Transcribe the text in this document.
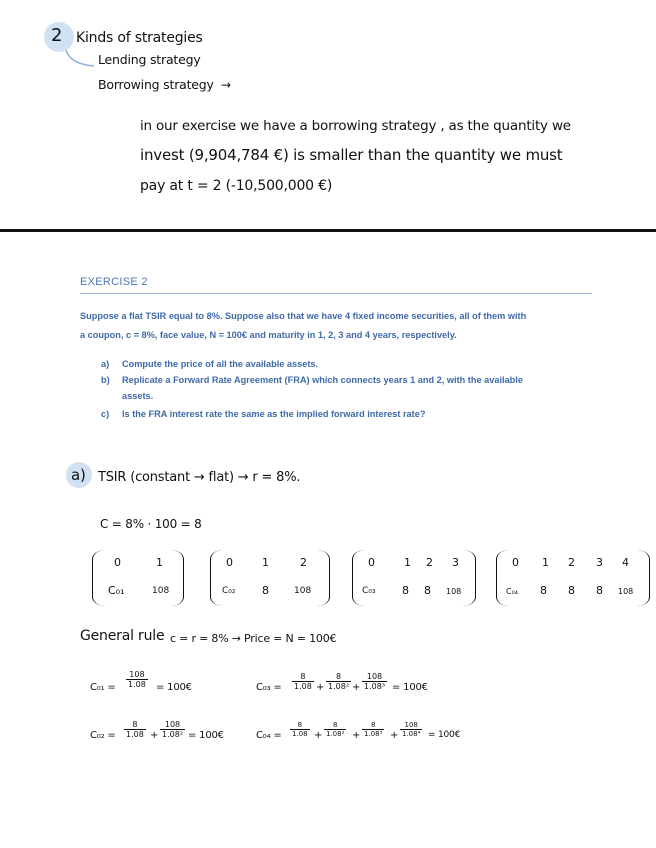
2 Kinds of strategies
Lending strategy
Borrowing strategy →
in our exercise we have a borrowing strategy , as the quantity we
invest (9,904,784 €) is smaller than the quantity we must
pay at t = 2 (-10,500,000 €)
EXERCISE 2
Suppose a flat TSIR equal to 8%. Suppose also that we have 4 fixed income securities, all of them with
a coupon, c = 8%, face value, N = 100€ and maturity in 1, 2, 3 and 4 years, respectively.
a) Compute the price of all the available assets.
b) Replicate a Forward Rate Agreement (FRA) which connects years 1 and 2, with the available
assets.
c) Is the FRA interest rate the same as the implied forward interest rate?
a) TSIR (constant → flat) → r = 8%.
C = 8% · 100 = 8
0	1
C₀₁	108
0	1	2
C₀₂ 8	108
0	1 2 3
C₀₃ 8 8 108
0 1 2 3 4
C₀₄ 8 8 8 108
General rule c = r = 8% → Price = N = 100€
$C_{01} = \frac{108}{1.08}$ = 100€	$C_{03} = \frac{8}{1.08} + \frac{8}{\text{1.08²}} + \frac{108}{\text{1.08³}}$ = 100€
$C_{02} = \frac{8}{1.08} + \frac{108}{\text{1.08²}}$ = 100€	$C_{04} = \frac{8}{1.08} + \frac{8}{\text{1.08²}} + \frac{8}{\text{1.08³}} + \frac{108}{\text{1.08⁴}}$ = 100€
